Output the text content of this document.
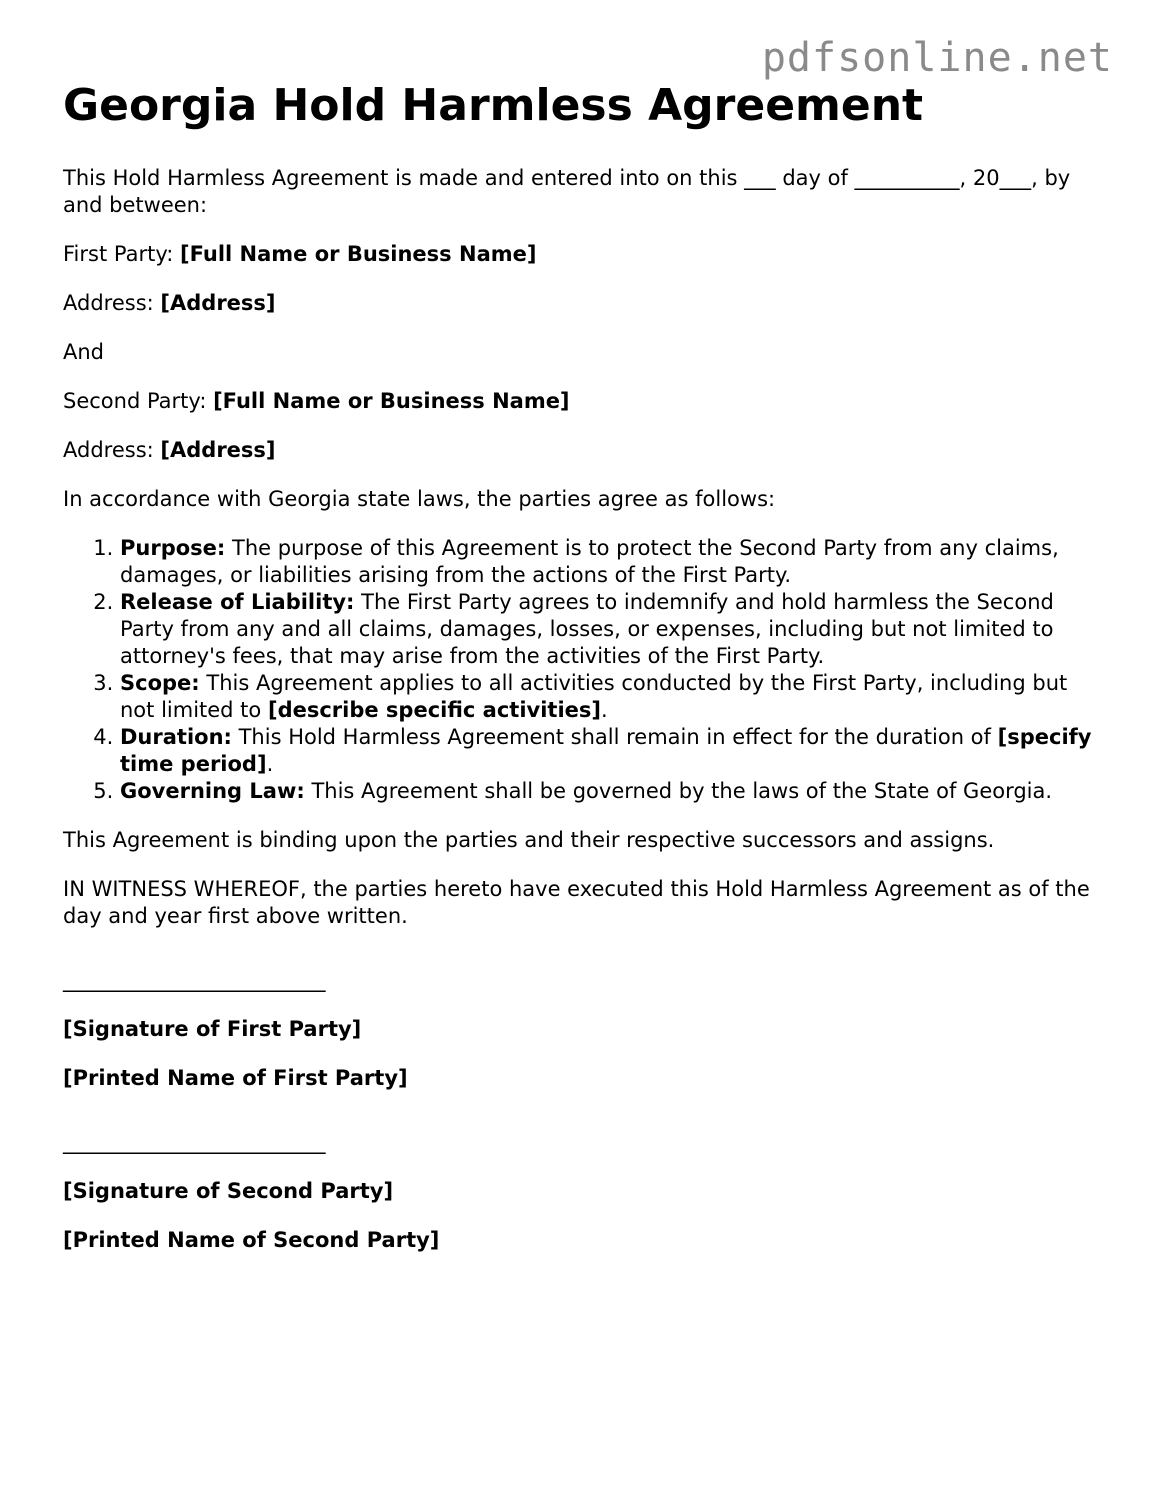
pdfsonline.net
Georgia Hold Harmless Agreement

This Hold Harmless Agreement is made and entered into on this ___ day of __________, 20___, by and between:

First Party: [Full Name or Business Name]

Address: [Address]

And

Second Party: [Full Name or Business Name]

Address: [Address]

In accordance with Georgia state laws, the parties agree as follows:

1. Purpose: The purpose of this Agreement is to protect the Second Party from any claims, damages, or liabilities arising from the actions of the First Party.
2. Release of Liability: The First Party agrees to indemnify and hold harmless the Second Party from any and all claims, damages, losses, or expenses, including but not limited to attorney's fees, that may arise from the activities of the First Party.
3. Scope: This Agreement applies to all activities conducted by the First Party, including but not limited to [describe specific activities].
4. Duration: This Hold Harmless Agreement shall remain in effect for the duration of [specify time period].
5. Governing Law: This Agreement shall be governed by the laws of the State of Georgia.

This Agreement is binding upon the parties and their respective successors and assigns.

IN WITNESS WHEREOF, the parties hereto have executed this Hold Harmless Agreement as of the day and year first above written.

_________________________

[Signature of First Party]

[Printed Name of First Party]

_________________________

[Signature of Second Party]

[Printed Name of Second Party]
